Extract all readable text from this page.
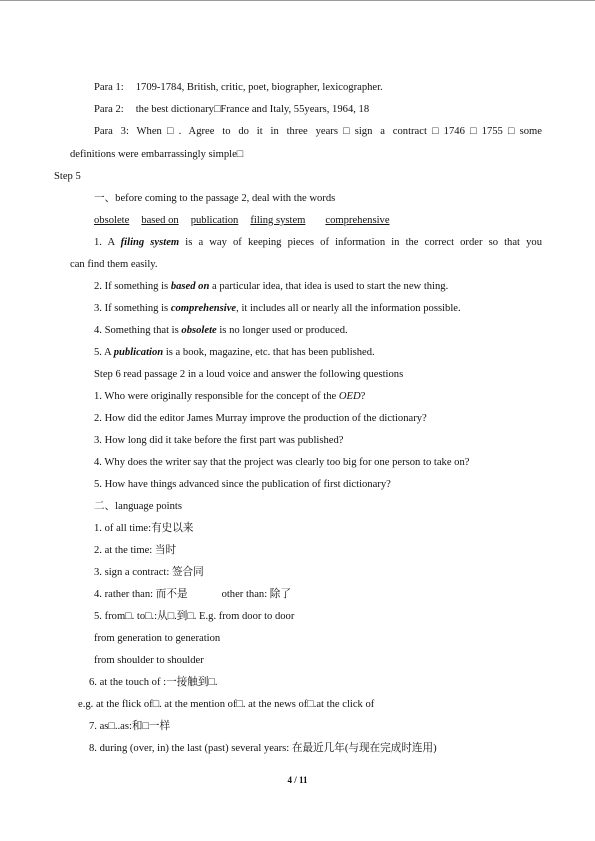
Para 1: 1709-1784, British, critic, poet, biographer, lexicographer.
Para 2: the best dictionary□France and Italy, 55years, 1964, 18
Para 3: When□. Agree to do it in three years□sign a contract□1746□1755□some
definitions were embarrassingly simple□
Step 5
一、before coming to the passage 2, deal with the words
obsolete based on publication filing system comprehensive
1. A filing system is a way of keeping pieces of information in the correct order so that you
can find them easily.
2. If something is based on a particular idea, that idea is used to start the new thing.
3. If something is comprehensive, it includes all or nearly all the information possible.
4. Something that is obsolete is no longer used or produced.
5. A publication is a book, magazine, etc. that has been published.
Step 6 read passage 2 in a loud voice and answer the following questions
1. Who were originally responsible for the concept of the OED?
2. How did the editor James Murray improve the production of the dictionary?
3. How long did it take before the first part was published?
4. Why does the writer say that the project was clearly too big for one person to take on?
5. How have things advanced since the publication of first dictionary?
二、language points
1. of all time:有史以来
2. at the time: 当时
3. sign a contract: 签合同
4. rather than: 而不是	other than: 除了
5. from□. to□.:从□.到□. E.g. from door to door
from generation to generation
from shoulder to shoulder
6. at the touch of :一接触到□.
e.g. at the flick of□. at the mention of□. at the news of□.at the click of
7. as□..as:和□一样
8. during (over, in) the last (past) several years: 在最近几年(与现在完成时连用)
4 / 11
